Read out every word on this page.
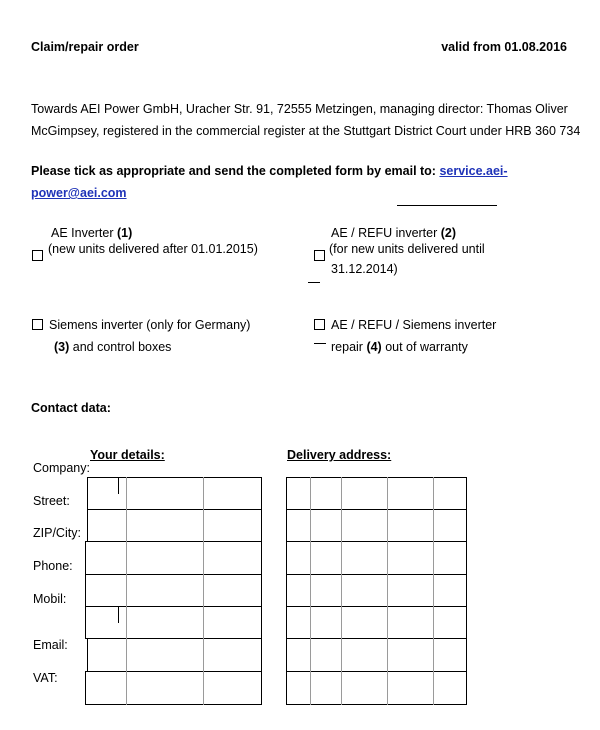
Claim/repair order	valid from 01.08.2016
Towards AEI Power GmbH, Uracher Str. 91, 72555 Metzingen, managing director: Thomas Oliver
McGimpsey, registered in the commercial register at the Stuttgart District Court under HRB 360 734
Please tick as appropriate and send the completed form by email to: service.aei-
power@aei.com
AE Inverter (1)
(new units delivered after 01.01.2015)
AE / REFU inverter (2)
(for new units delivered until
31.12.2014)
Siemens inverter (only for Germany)
(3) and control boxes
AE / REFU / Siemens inverter
repair (4) out of warranty
Contact data:
Your details:	Delivery address:
Company:
Street:
ZIP/City:
Phone:
Mobil:
Email:
VAT:
